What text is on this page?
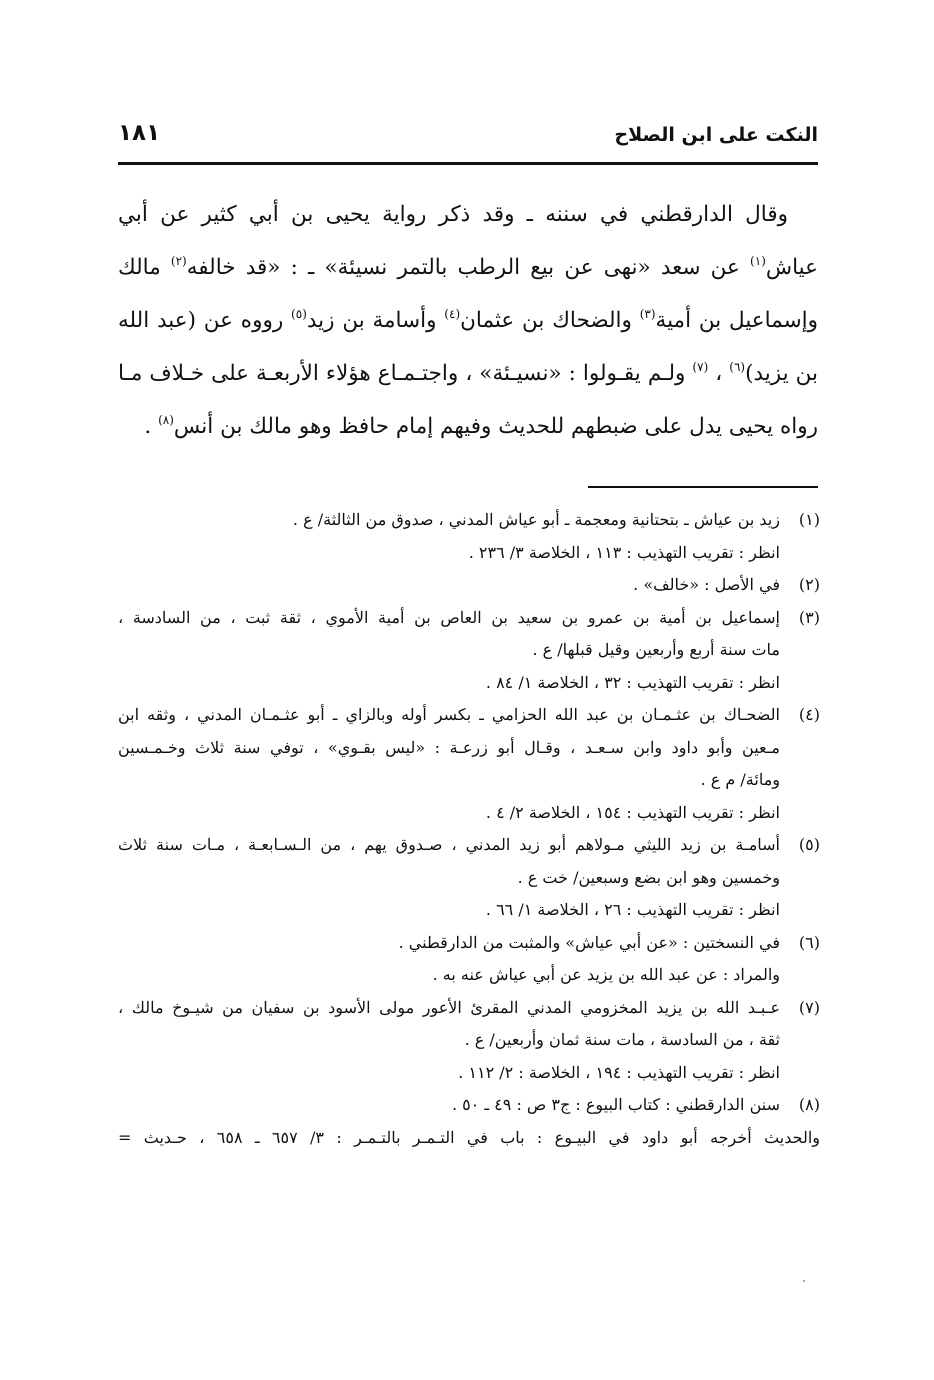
النكت على ابن الصلاح
١٨١

وقال الدارقطني في سننه ـ وقد ذكر رواية يحيى بن أبي كثير عن أبي عياش$^{(١)}$ عن سعد «نهى عن بيع الرطب بالتمر نسيئة» ـ : «قد خالفه$^{(٢)}$ مالك وإسماعيل بن أمية$^{(٣)}$ والضحاك بن عثمان$^{(٤)}$ وأسامة بن زيد$^{(٥)}$ رووه عن (عبد الله بن يزيد)$^{(٦)}$ ، $^{(٧)}$ ولـم يقـولوا : «نسيـئة» ، واجتـمـاع هؤلاء الأربعـة على خـلاف مـا رواه يحيى يدل على ضبطهم للحديث وفيهم إمام حافظ وهو مالك بن أنس$^{(٨)}$ .

(١)
زيد بن عياش ـ بتحتانية ومعجمة ـ أبو عياش المدني ، صدوق من الثالثة/ ع .
انظر : تقريب التهذيب : ١١٣ ، الخلاصة ٣/ ٢٣٦ .
(٢)
في الأصل : «خالف» .
(٣)
إسماعيل بن أمية بن عمرو بن سعيد بن العاص بن أمية الأموي ، ثقة ثبت ، من السادسة ،
مات سنة أربع وأربعين وقيل قبلها/ ع .
انظر : تقريب التهذيب : ٣٢ ، الخلاصة ١/ ٨٤ .
(٤)
الضحـاك بن عثـمـان بن عبد الله الحزامي ـ بكسر أوله وبالزاي ـ أبو عثـمـان المدني ، وثقه ابن
مـعين وأبو داود وابن سـعـد ، وقـال أبو زرعـة : «ليس بقـوي» ، توفي سنة ثلاث وخـمـسين
ومائة/ م ع .
انظر : تقريب التهذيب : ١٥٤ ، الخلاصة ٢/ ٤ .
(٥)
أسامـة بن زيد الليثي مـولاهم أبو زيد المدني ، صـدوق يهم ، من الـسـابعـة ، مـات سنة ثلاث
وخمسين وهو ابن بضع وسبعين/ خت ع .
انظر : تقريب التهذيب : ٢٦ ، الخلاصة ١/ ٦٦ .
(٦)
في النسختين : «عن أبي عياش» والمثبت من الدارقطني .
والمراد : عن عبد الله بن يزيد عن أبي عياش عنه به .
(٧)
عـبـد الله بن يزيد المخزومي المدني المقرئ الأعور مولى الأسود بن سفيان من شيـوخ مالك ،
ثقة ، من السادسة ، مات سنة ثمان وأربعين/ ع .
انظر : تقريب التهذيب : ١٩٤ ، الخلاصة : ٢/ ١١٢ .
(٨)
سنن الدارقطني : كتاب البيوع : ج٣ ص : ٤٩ ـ ٥٠ .
والحديث أخرجه أبو داود في البيـوع : باب في التـمـر بالتـمـر : ٣/ ٦٥٧ ـ ٦٥٨ ، حـديث =
